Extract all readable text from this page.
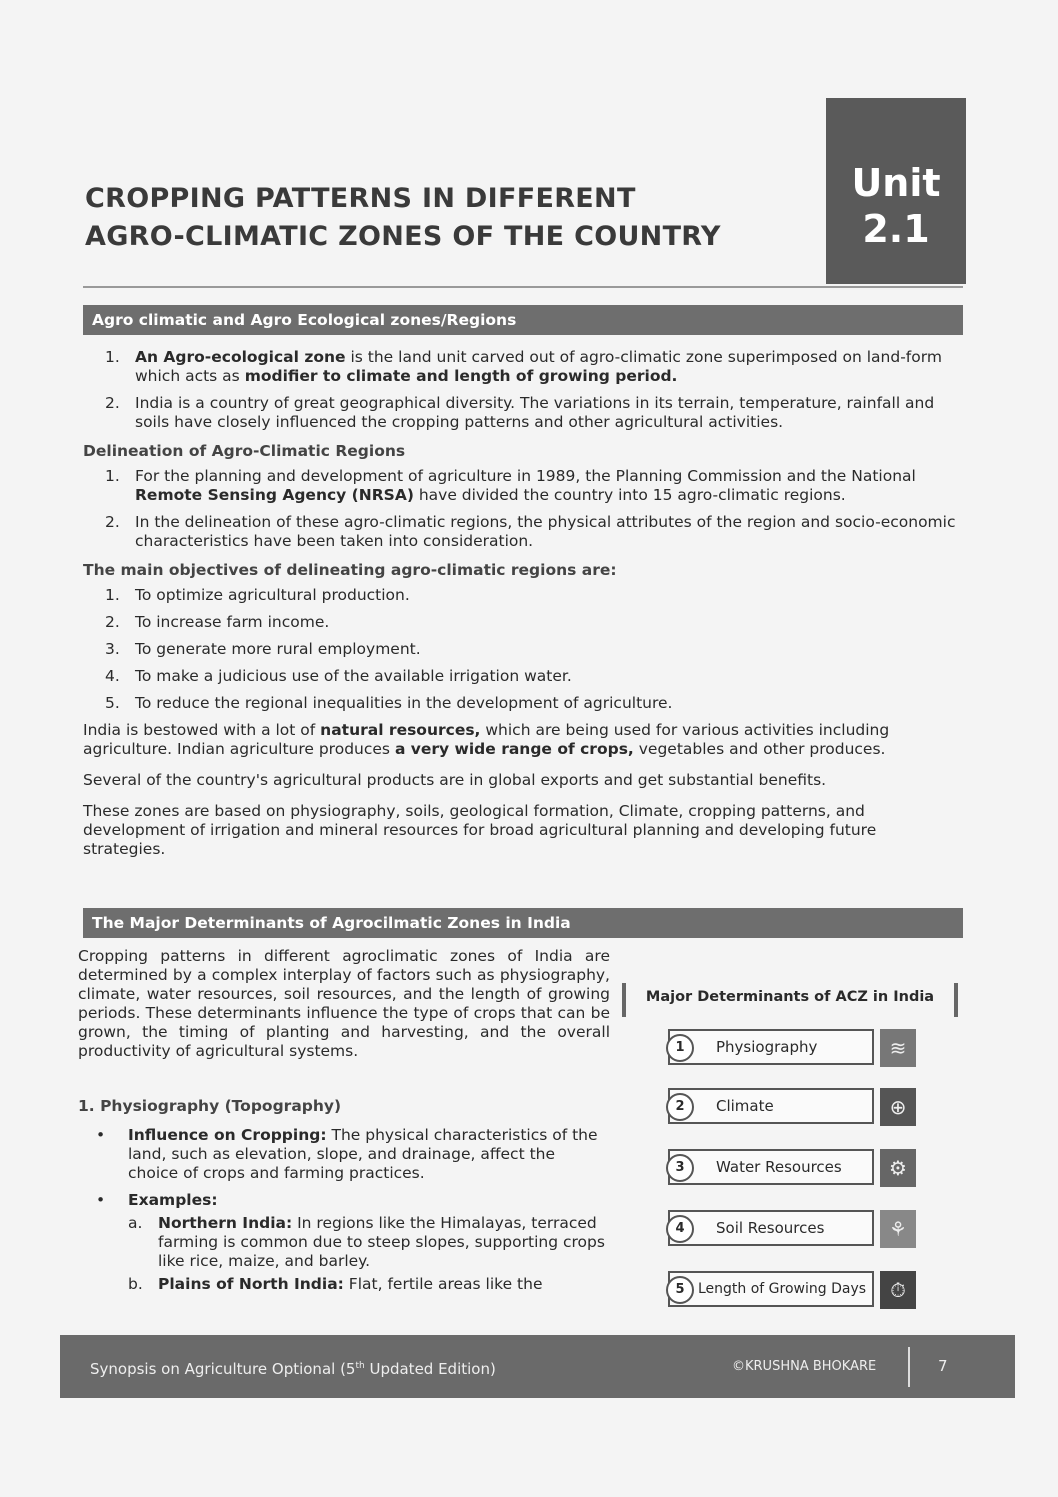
CROPPING PATTERNS IN DIFFERENT
AGRO-CLIMATIC ZONES OF THE COUNTRY
Unit
2.1
Agro climatic and Agro Ecological zones/Regions
1. An Agro-ecological zone is the land unit carved out of agro-climatic zone superimposed on land-form which acts as modifier to climate and length of growing period.
2. India is a country of great geographical diversity. The variations in its terrain, temperature, rainfall and soils have closely influenced the cropping patterns and other agricultural activities.
Delineation of Agro-Climatic Regions
1. For the planning and development of agriculture in 1989, the Planning Commission and the National Remote Sensing Agency (NRSA) have divided the country into 15 agro-climatic regions.
2. In the delineation of these agro-climatic regions, the physical attributes of the region and socio-economic characteristics have been taken into consideration.
The main objectives of delineating agro-climatic regions are:
1. To optimize agricultural production.
2. To increase farm income.
3. To generate more rural employment.
4. To make a judicious use of the available irrigation water.
5. To reduce the regional inequalities in the development of agriculture.

India is bestowed with a lot of natural resources, which are being used for various activities including agriculture. Indian agriculture produces a very wide range of crops, vegetables and other produces.

Several of the country's agricultural products are in global exports and get substantial benefits.

These zones are based on physiography, soils, geological formation, Climate, cropping patterns, and development of irrigation and mineral resources for broad agricultural planning and developing future strategies.

The Major Determinants of Agrocilmatic Zones in India
Cropping patterns in different agroclimatic zones of India are determined by a complex interplay of factors such as physiography, climate, water resources, soil resources, and the length of growing periods. These determinants influence the type of crops that can be grown, the timing of planting and harvesting, and the overall productivity of agricultural systems.
1. Physiography (Topography)
• Influence on Cropping: The physical characteristics of the land, such as elevation, slope, and drainage, affect the choice of crops and farming practices.
• Examples:
a. Northern India: In regions like the Himalayas, terraced farming is common due to steep slopes, supporting crops like rice, maize, and barley.
b. Plains of North India: Flat, fertile areas like the
Major Determinants of ACZ in India
1	Physiography	≋
2	Climate	⊕
3	Water Resources	⚙
4	Soil Resources	⚘
5 Length of Growing Days	⏱
Synopsis on Agriculture Optional (5th Updated Edition)	©KRUSHNA BHOKARE	7
